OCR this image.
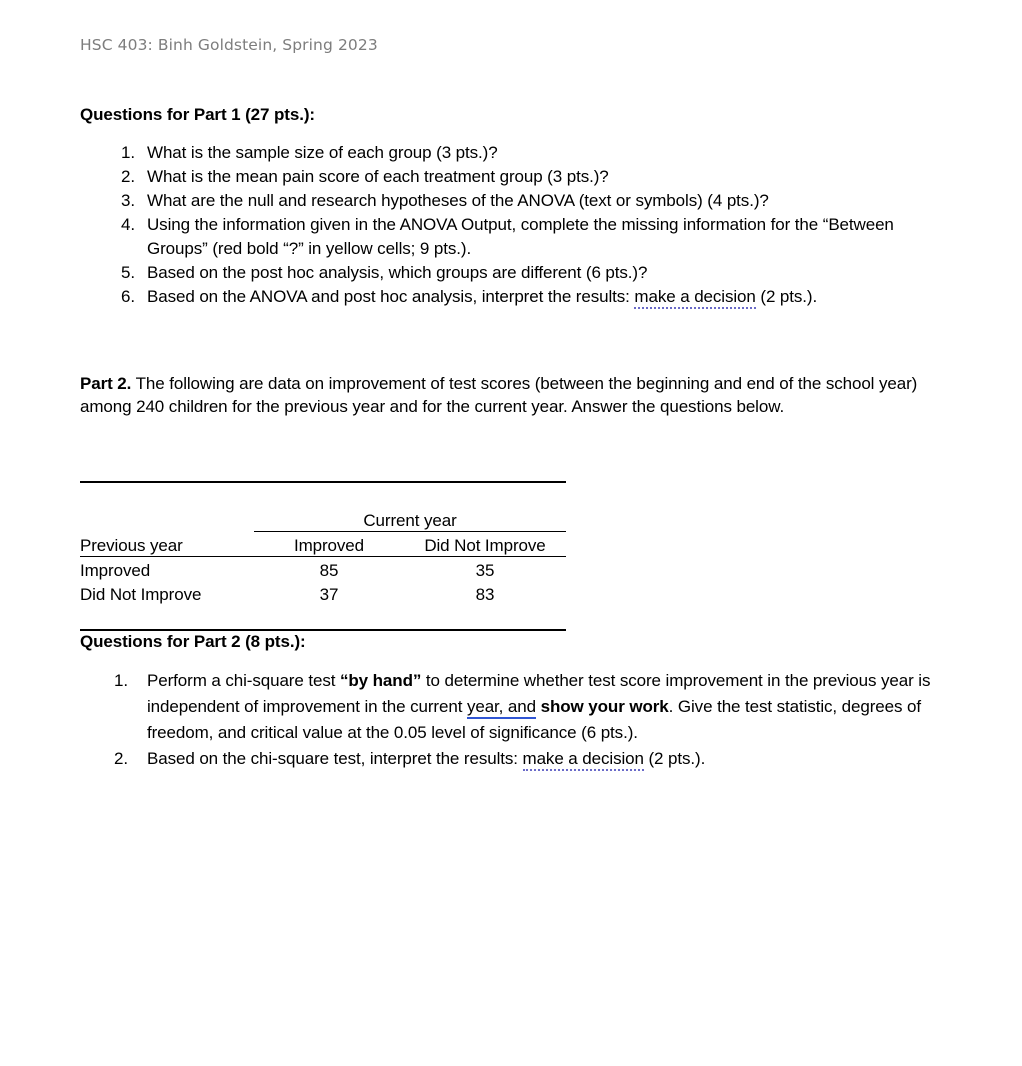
HSC 403: Binh Goldstein, Spring 2023
Questions for Part 1 (27 pts.):
1. What is the sample size of each group (3 pts.)?
2. What is the mean pain score of each treatment group (3 pts.)?
3. What are the null and research hypotheses of the ANOVA (text or symbols) (4 pts.)?
4. Using the information given in the ANOVA Output, complete the missing information for the “Between Groups” (red bold “?” in yellow cells; 9 pts.).
5. Based on the post hoc analysis, which groups are different (6 pts.)?
6. Based on the ANOVA and post hoc analysis, interpret the results: make a decision (2 pts.).
Part 2. The following are data on improvement of test scores (between the beginning and end of the school year) among 240 children for the previous year and for the current year. Answer the questions below.

	Current year	
Previous year	Improved	Did Not Improve
Improved	85	35
Did Not Improve	37	83

Questions for Part 2 (8 pts.):
1. Perform a chi-square test “by hand” to determine whether test score improvement in the previous year is independent of improvement in the current year, and show your work. Give the test statistic, degrees of freedom, and critical value at the 0.05 level of significance (6 pts.).
2. Based on the chi-square test, interpret the results: make a decision (2 pts.).
